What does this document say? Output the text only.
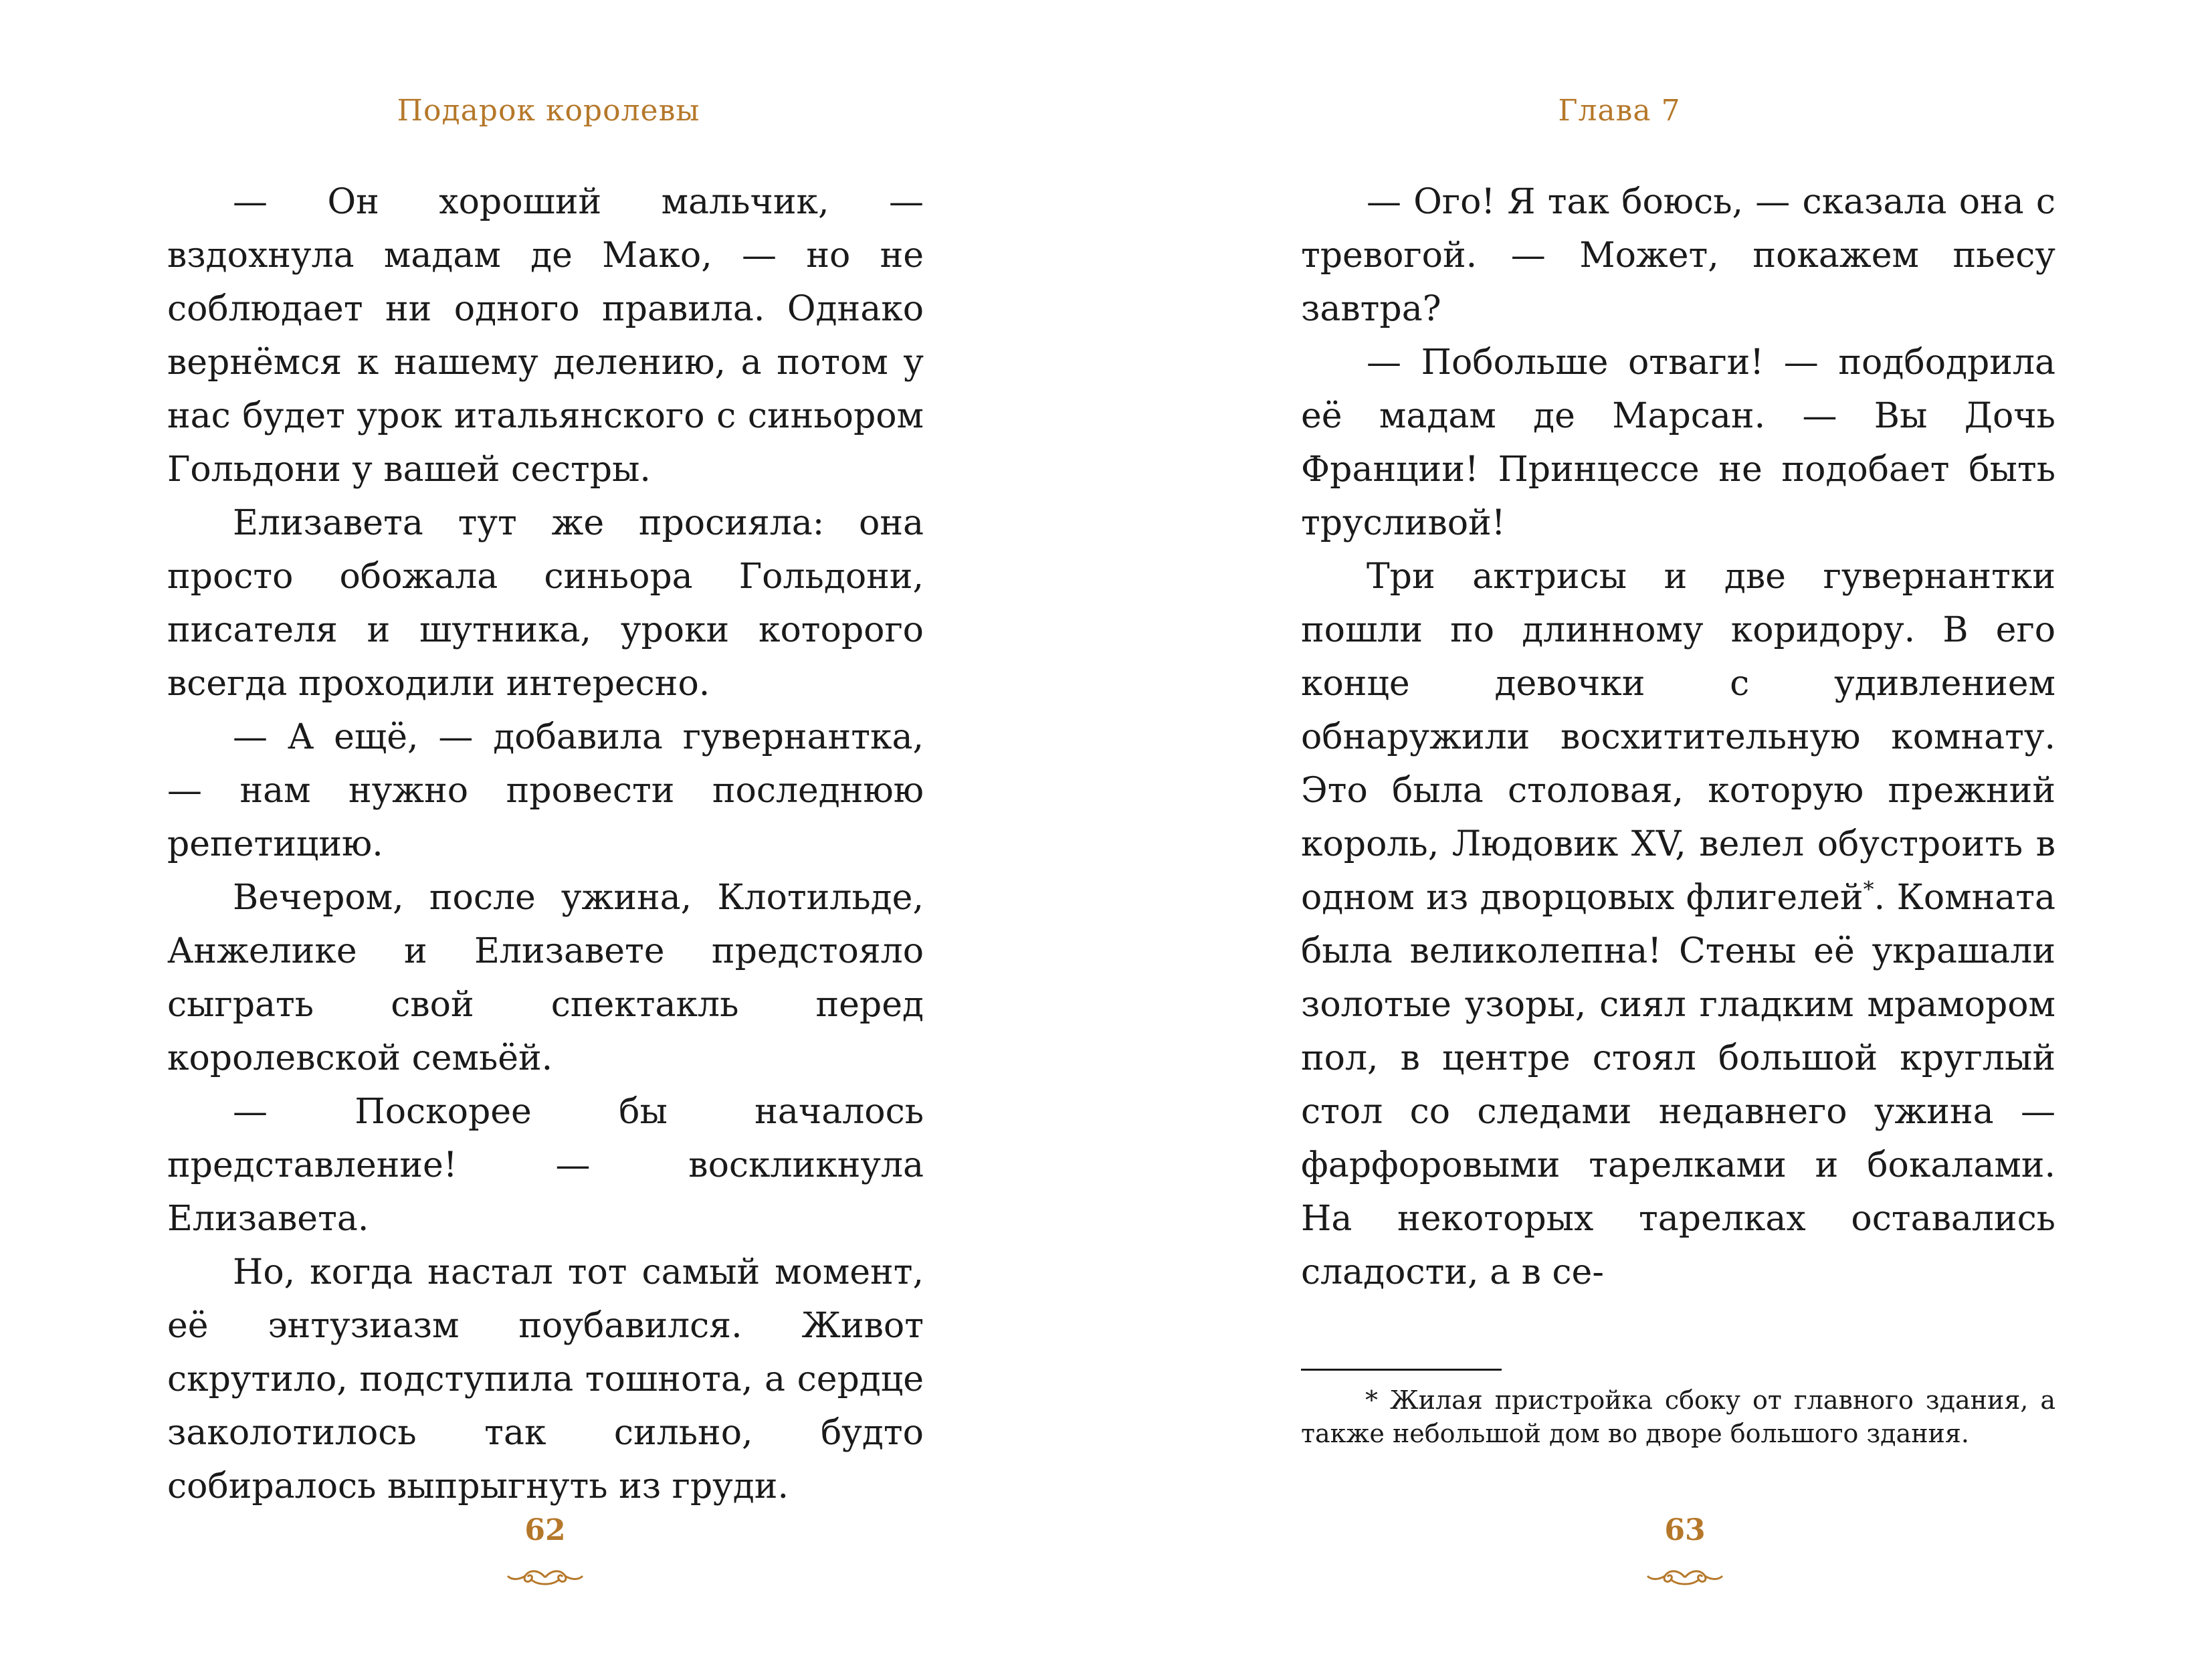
Подарок королевы

— Он хороший мальчик, — вздохнула мадам де Мако, — но не соблюдает ни одного правила. Однако вернёмся к нашему делению, а потом у нас будет урок итальянского с синьором Гольдони у вашей сестры.

Елизавета тут же просияла: она просто обожала синьора Гольдони, писателя и шутника, уроки которого всегда проходили интересно.

— А ещё, — добавила гувернантка, — нам нужно провести последнюю репетицию.

Вечером, после ужина, Клотильде, Анжелике и Елизавете предстояло сыграть свой спектакль перед королевской семьёй.

— Поскорее бы началось представление! — воскликнула Елизавета.

Но, когда настал тот самый момент, её энтузиазм поубавился. Живот скрутило, подступила тошнота, а сердце заколотилось так сильно, будто собиралось выпрыгнуть из груди.

62
Глава 7

— Ого! Я так боюсь, — сказала она с тревогой. — Может, покажем пьесу завтра?

— Побольше отваги! — подбодрила её мадам де Марсан. — Вы Дочь Франции! Принцессе не подобает быть трусливой!

Три актрисы и две гувернантки пошли по длинному коридору. В его конце девочки с удивлением обнаружили восхитительную комнату. Это была столовая, которую прежний король, Людовик XV, велел обустроить в одном из дворцовых флигелей*. Комната была великолепна! Стены её украшали золотые узоры, сиял гладким мрамором пол, в центре стоял большой круглый стол со следами недавнего ужина — фарфоровыми тарелками и бокалами. На некоторых тарелках оставались сладости, а в се-

* Жилая пристройка сбоку от главного здания, а также небольшой дом во дворе большого здания.

63
